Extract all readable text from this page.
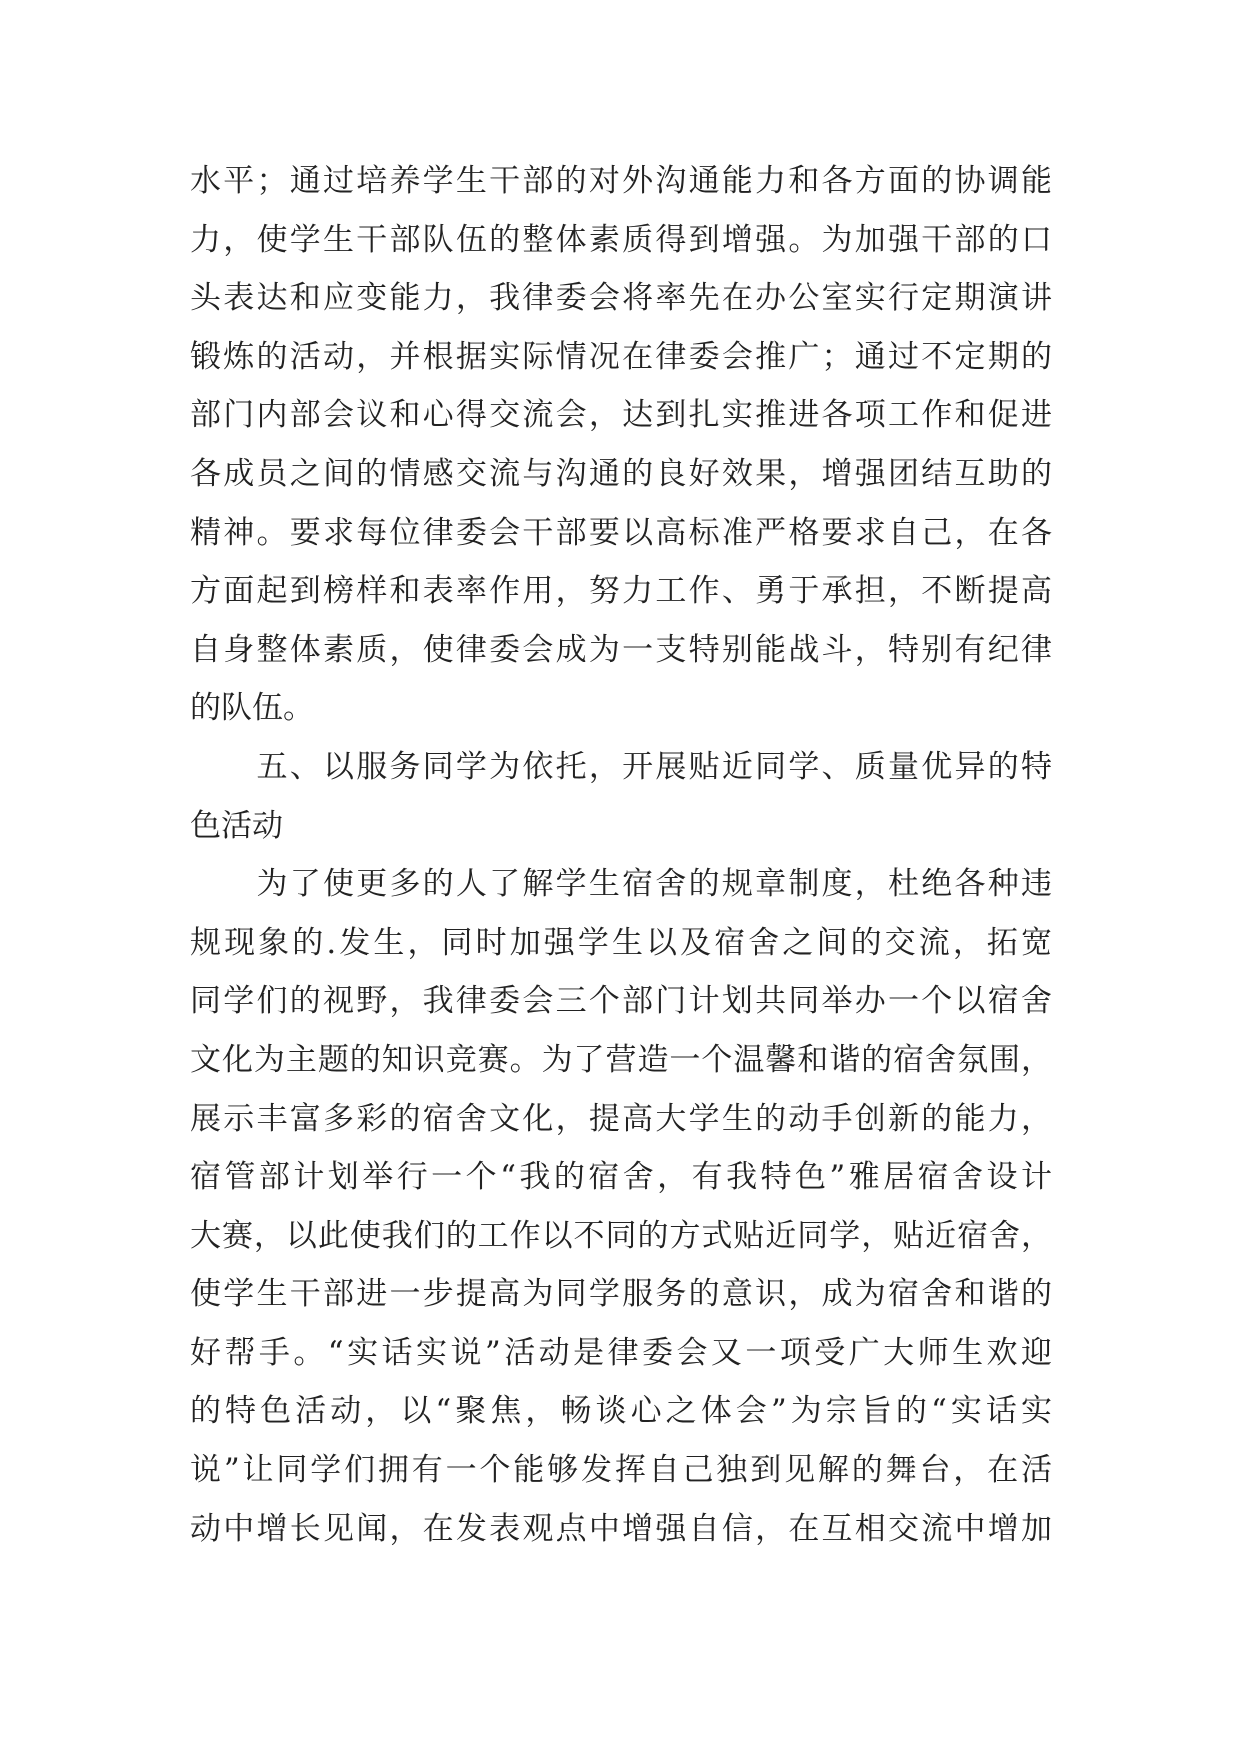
水平；通过培养学生干部的对外沟通能力和各方面的协调能
力，使学生干部队伍的整体素质得到增强。为加强干部的口
头表达和应变能力，我律委会将率先在办公室实行定期演讲
锻炼的活动，并根据实际情况在律委会推广；通过不定期的
部门内部会议和心得交流会，达到扎实推进各项工作和促进
各成员之间的情感交流与沟通的良好效果，增强团结互助的
精神。要求每位律委会干部要以高标准严格要求自己，在各
方面起到榜样和表率作用，努力工作、勇于承担，不断提高
自身整体素质，使律委会成为一支特别能战斗，特别有纪律
的队伍。
　　五、以服务同学为依托，开展贴近同学、质量优异的特
色活动
　　为了使更多的人了解学生宿舍的规章制度，杜绝各种违
规现象的.发生，同时加强学生以及宿舍之间的交流，拓宽
同学们的视野，我律委会三个部门计划共同举办一个以宿舍
文化为主题的知识竞赛。为了营造一个温馨和谐的宿舍氛围，
展示丰富多彩的宿舍文化，提高大学生的动手创新的能力，
宿管部计划举行一个“我的宿舍，有我特色”雅居宿舍设计
大赛，以此使我们的工作以不同的方式贴近同学，贴近宿舍，
使学生干部进一步提高为同学服务的意识，成为宿舍和谐的
好帮手。“实话实说”活动是律委会又一项受广大师生欢迎
的特色活动，以“聚焦，畅谈心之体会”为宗旨的“实话实
说”让同学们拥有一个能够发挥自己独到见解的舞台，在活
动中增长见闻，在发表观点中增强自信，在互相交流中增加
